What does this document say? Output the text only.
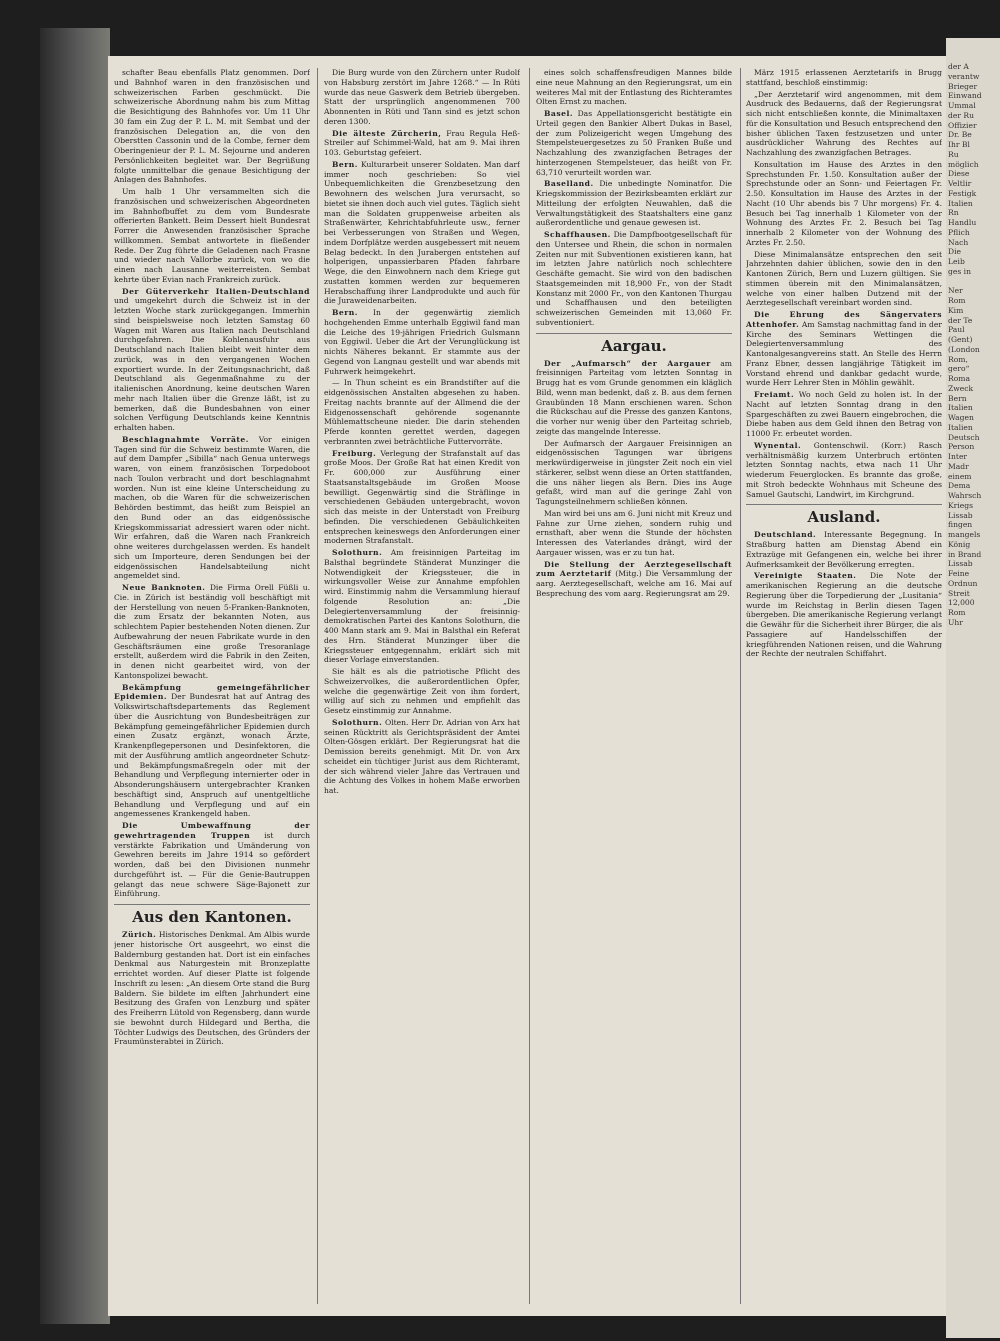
schafter Beau ebenfalls Platz genommen. Dorf und Bahnhof waren in den französischen und schweizerischen Farben geschmückt. Die schweizerische Abordnung nahm bis zum Mittag die Besichtigung des Bahnhofes vor. Um 11 Uhr 30 fam ein Zug der P. L. M. mit Sembat und der französischen Delegation an, die von den Oberstten Cassonin und de la Combe, ferner dem Oberingenieur der P. L. M. Sejourne und anderen Persönlichkeiten begleitet war. Der Begrüßung folgte unmittelbar die genaue Besichtigung der Anlagen des Bahnhofes.

Um halb 1 Uhr versammelten sich die französischen und schweizerischen Abgeordneten im Bahnhofbuffet zu dem vom Bundesrate offerierten Bankett. Beim Dessert hielt Bundesrat Forrer die Anwesenden französischer Sprache willkommen. Sembat antwortete in fließender Rede. Der Zug führte die Geladenen nach Frasne und wieder nach Vallorbe zurück, von wo die einen nach Lausanne weiterreisten. Sembat kehrte über Evian nach Frankreich zurück.

Der Güterverkehr Italien-Deutschland und umgekehrt durch die Schweiz ist in der letzten Woche stark zurückgegangen. Immerhin sind beispielsweise noch letzten Samstag 60 Wagen mit Waren aus Italien nach Deutschland durchgefahren. Die Kohlenausfuhr aus Deutschland nach Italien bleibt weit hinter dem zurück, was in den vergangenen Wochen exportiert wurde. In der Zeitungsnachricht, daß Deutschland als Gegenmaßnahme zu der italienischen Anordnung, keine deutschen Waren mehr nach Italien über die Grenze läßt, ist zu bemerken, daß die Bundesbahnen von einer solchen Verfügung Deutschlands keine Kenntnis erhalten haben.

Beschlagnahmte Vorräte. Vor einigen Tagen sind für die Schweiz bestimmte Waren, die auf dem Dampfer „Sibilla“ nach Genua unterwegs waren, von einem französischen Torpedoboot nach Toulon verbracht und dort beschlagnahmt worden. Nun ist eine kleine Unterscheidung zu machen, ob die Waren für die schweizerischen Behörden bestimmt, das heißt zum Beispiel an den Bund oder an das eidgenössische Kriegskommissariat adressiert waren oder nicht. Wir erfahren, daß die Waren nach Frankreich ohne weiteres durchgelassen werden. Es handelt sich um Importeure, deren Sendungen bei der eidgenössischen Handelsabteilung nicht angemeldet sind.

Neue Banknoten. Die Firma Orell Füßli u. Cie. in Zürich ist beständig voll beschäftigt mit der Herstellung von neuen 5-Franken-Banknoten, die zum Ersatz der bekannten Noten, aus schlechtem Papier bestehenden Noten dienen. Zur Aufbewahrung der neuen Fabrikate wurde in den Geschäftsräumen eine große Tresoranlage erstellt, außerdem wird die Fabrik in den Zeiten, in denen nicht gearbeitet wird, von der Kantonspolizei bewacht.

Bekämpfung gemeingefährlicher Epidemien. Der Bundesrat hat auf Antrag des Volkswirtschaftsdepartements das Reglement über die Ausrichtung von Bundesbeiträgen zur Bekämpfung gemeingefährlicher Epidemien durch einen Zusatz ergänzt, wonach Ärzte, Krankenpflegepersonen und Desinfektoren, die mit der Ausführung amtlich angeordneter Schutz- und Bekämpfungsmaßregeln oder mit der Behandlung und Verpflegung internierter oder in Absonderungshäusern untergebrachter Kranken beschäftigt sind, Anspruch auf unentgeltliche Behandlung und Verpflegung und auf ein angemessenes Krankengeld haben.

Die Umbewaffnung der gewehrtragenden Truppen ist durch verstärkte Fabrikation und Umänderung von Gewehren bereits im Jahre 1914 so gefördert worden, daß bei den Divisionen nunmehr durchgeführt ist. — Für die Genie-Bautruppen gelangt das neue schwere Säge-Bajonett zur Einführung.

Aus den Kantonen.

Zürich. Historisches Denkmal. Am Albis wurde jener historische Ort ausgeehrt, wo einst die Baldernburg gestanden hat. Dort ist ein einfaches Denkmal aus Naturgestein mit Bronzeplatte errichtet worden. Auf dieser Platte ist folgende Inschrift zu lesen: „An diesem Orte stand die Burg Baldern. Sie bildete im elften Jahrhundert eine Besitzung des Grafen von Lenzburg und später des Freiherrn Lütold von Regensberg, dann wurde sie bewohnt durch Hildegard und Bertha, die Töchter Ludwigs des Deutschen, des Gründers der Fraumünsterabtei in Zürich.

Die Burg wurde von den Zürchern unter Rudolf von Habsburg zerstört im Jahre 1268.“ — In Rüti wurde das neue Gaswerk dem Betrieb übergeben. Statt der ursprünglich angenommenen 700 Abonnenten in Rüti und Tann sind es jetzt schon deren 1300.

Die älteste Zürcherin, Frau Regula Heß-Streiler auf Schimmel-Wald, hat am 9. Mai ihren 103. Geburtstag gefeiert.

Bern. Kulturarbeit unserer Soldaten. Man darf immer noch geschrieben: So viel Unbequemlichkeiten die Grenzbesetzung den Bewohnern des welschen Jura verursacht, so bietet sie ihnen doch auch viel gutes. Täglich sieht man die Soldaten gruppenweise arbeiten als Straßenwärter, Kehrichtabfuhrleute usw., ferner bei Verbesserungen von Straßen und Wegen, indem Dorfplätze werden ausgebessert mit neuem Belag bedeckt. In den Jurabergen entstehen auf holperigen, unpassierbaren Pfaden fahrbare Wege, die den Einwohnern nach dem Kriege gut zustatten kommen werden zur bequemeren Herabschaffung ihrer Landprodukte und auch für die Juraweidenarbeiten.

Bern. In der gegenwärtig ziemlich hochgehenden Emme unterhalb Eggiwil fand man die Leiche des 19-jährigen Friedrich Gulsmann von Eggiwil. Ueber die Art der Verunglückung ist nichts Näheres bekannt. Er stammte aus der Gegend von Langnau gestellt und war abends mit Fuhrwerk heimgekehrt.

— In Thun scheint es ein Brandstifter auf die eidgenössischen Anstalten abgesehen zu haben. Freitag nachts brannte auf der Allmend die der Eidgenossenschaft gehörende sogenannte Mühlemattscheune nieder. Die darin stehenden Pferde konnten gerettet werden, dagegen verbrannten zwei beträchtliche Futtervorräte.

Freiburg. Verlegung der Strafanstalt auf das große Moos. Der Große Rat hat einen Kredit von Fr. 600,000 zur Ausführung einer Staatsanstaltsgebäude im Großen Moose bewilligt. Gegenwärtig sind die Sträflinge in verschiedenen Gebäuden untergebracht, wovon sich das meiste in der Unterstadt von Freiburg befinden. Die verschiedenen Gebäulichkeiten entsprechen keineswegs den Anforderungen einer modernen Strafanstalt.

Solothurn. Am freisinnigen Parteitag im Balsthal begründete Ständerat Munzinger die Notwendigkeit der Kriegssteuer, die in wirkungsvoller Weise zur Annahme empfohlen wird. Einstimmig nahm die Versammlung hierauf folgende Resolution an: „Die Delegiertenversammlung der freisinnig-demokratischen Partei des Kantons Solothurn, die 400 Mann stark am 9. Mai in Balsthal ein Referat des Hrn. Ständerat Munzinger über die Kriegssteuer entgegennahm, erklärt sich mit dieser Vorlage einverstanden.

Sie hält es als die patriotische Pflicht des Schweizervolkes, die außerordentlichen Opfer, welche die gegenwärtige Zeit von ihm fordert, willig auf sich zu nehmen und empfiehlt das Gesetz einstimmig zur Annahme.

Solothurn. Olten. Herr Dr. Adrian von Arx hat seinen Rücktritt als Gerichtspräsident der Amtei Olten-Gösgen erklärt. Der Regierungsrat hat die Demission bereits genehmigt. Mit Dr. von Arx scheidet ein tüchtiger Jurist aus dem Richteramt, der sich während vieler Jahre das Vertrauen und die Achtung des Volkes in hohem Maße erworben hat.

eines solch schaffensfreudigen Mannes bilde eine neue Mahnung an den Regierungsrat, um ein weiteres Mal mit der Entlastung des Richteramtes Olten Ernst zu machen.

Basel. Das Appellationsgericht bestätigte ein Urteil gegen den Bankier Albert Dukas in Basel, der zum Polizeigericht wegen Umgehung des Stempelsteuergesetzes zu 50 Franken Buße und Nachzahlung des zwanzigfachen Betrages der hinterzogenen Stempelsteuer, das heißt von Fr. 63,710 verurteilt worden war.

Baselland. Die unbedingte Nominatfor. Die Kriegskommission der Bezirksbeamten erklärt zur Mitteilung der erfolgten Neuwahlen, daß die Verwaltungstätigkeit des Staatshalters eine ganz außerordentliche und genaue gewesen ist.

Schaffhausen. Die Dampfbootgesellschaft für den Untersee und Rhein, die schon in normalen Zeiten nur mit Subventionen existieren kann, hat im letzten Jahre natürlich noch schlechtere Geschäfte gemacht. Sie wird von den badischen Staatsgemeinden mit 18,900 Fr., von der Stadt Konstanz mit 2000 Fr., von den Kantonen Thurgau und Schaffhausen und den beteiligten schweizerischen Gemeinden mit 13,060 Fr. subventioniert.

Aargau.

Der „Aufmarsch“ der Aargauer am freisinnigen Parteitag vom letzten Sonntag in Brugg hat es vom Grunde genommen ein kläglich Bild, wenn man bedenkt, daß z. B. aus dem fernen Graubünden 18 Mann erschienen waren. Schon die Rückschau auf die Presse des ganzen Kantons, die vorher nur wenig über den Parteitag schrieb, zeigte das mangelnde Interesse.

Der Aufmarsch der Aargauer Freisinnigen an eidgenössischen Tagungen war übrigens merkwürdigerweise in jüngster Zeit noch ein viel stärkerer, selbst wenn diese an Orten stattfanden, die uns näher liegen als Bern. Dies ins Auge gefaßt, wird man auf die geringe Zahl von Tagungsteilnehmern schließen können.

Man wird bei uns am 6. Juni nicht mit Kreuz und Fahne zur Urne ziehen, sondern ruhig und ernsthaft, aber wenn die Stunde der höchsten Interessen des Vaterlandes drängt, wird der Aargauer wissen, was er zu tun hat.

Die Stellung der Aerztegesellschaft zum Aerztetarif (Mitg.) Die Versammlung der aarg. Aerztegesellschaft, welche am 16. Mai auf Besprechung des vom aarg. Regierungsrat am 29.

März 1915 erlassenen Aerztetarifs in Brugg stattfand, beschloß einstimmig:

„Der Aerztetarif wird angenommen, mit dem Ausdruck des Bedauerns, daß der Regierungsrat sich nicht entschließen konnte, die Minimaltaxen für die Konsultation und Besuch entsprechend den bisher üblichen Taxen festzusetzen und unter ausdrücklicher Wahrung des Rechtes auf Nachzahlung des zwanzigfachen Betrages.

Konsultation im Hause des Arztes in den Sprechstunden Fr. 1.50. Konsultation außer der Sprechstunde oder an Sonn- und Feiertagen Fr. 2.50. Konsultation im Hause des Arztes in der Nacht (10 Uhr abends bis 7 Uhr morgens) Fr. 4. Besuch bei Tag innerhalb 1 Kilometer von der Wohnung des Arztes Fr. 2. Besuch bei Tag innerhalb 2 Kilometer von der Wohnung des Arztes Fr. 2.50.

Diese Minimalansätze entsprechen den seit Jahrzehnten dahier üblichen, sowie den in den Kantonen Zürich, Bern und Luzern gültigen. Sie stimmen überein mit den Minimalansätzen, welche von einer halben Dutzend mit der Aerztegesellschaft vereinbart worden sind.

Die Ehrung des Sängervaters Attenhofer. Am Samstag nachmittag fand in der Kirche des Seminars Wettingen die Delegiertenversammlung des Kantonalgesangvereins statt. An Stelle des Herrn Franz Ebner, dessen langjährige Tätigkeit im Vorstand ehrend und dankbar gedacht wurde, wurde Herr Lehrer Sten in Möhlin gewählt.

Freiamt. Wo noch Geld zu holen ist. In der Nacht auf letzten Sonntag drang in den Spargeschäften zu zwei Bauern eingebrochen, die Diebe haben aus dem Geld ihnen den Betrag von 11000 Fr. erbeutet worden.

Wynental. Gontenschwil. (Korr.) Rasch verhältnismäßig kurzem Unterbruch ertönten letzten Sonntag nachts, etwa nach 11 Uhr wiederum Feuerglocken. Es brannte das große, mit Stroh bedeckte Wohnhaus mit Scheune des Samuel Gautschi, Landwirt, im Kirchgrund.

Ausland.

Deutschland. Interessante Begegnung. In Straßburg hatten am Dienstag Abend ein Extrazüge mit Gefangenen ein, welche bei ihrer Aufmerksamkeit der Bevölkerung erregten.

Vereinigte Staaten. Die Note der amerikanischen Regierung an die deutsche Regierung über die Torpedierung der „Lusitania“ wurde im Reichstag in Berlin diesen Tagen übergeben. Die amerikanische Regierung verlangt die Gewähr für die Sicherheit ihrer Bürger, die als Passagiere auf Handelsschiffen der kriegführenden Nationen reisen, und die Wahrung der Rechte der neutralen Schiffahrt.

der A
verantw
Brieger
Einwand
Ummal
der Ru
Offizier
Dr. Be
Ihr Bl
Ru
möglich
Diese
Veltlir
Festigk
Italien
Rn
Handlu
Pflich
Nach
Die
Leib
ges in

Ner
Rom
Kim
der Te
Paul
(Gent)
(London
Rom,
gero“
Roma
Zweck
Bern
Italien
Wagen
Italien
Deutsch
Person
Inter
Madr
einem
Dema
Wahrsch
Kriegs
Lissab
fingen
mangels
König
in Brand
Lissab
Feine
Ordnun
Streit
12,000
Rom
Uhr
